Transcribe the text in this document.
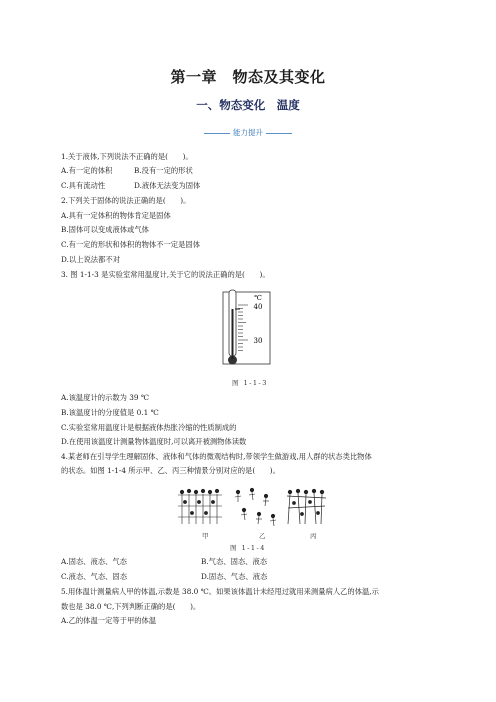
第一章　物态及其变化
一、物态变化　温度
能力提升
1.关于液体,下列说法不正确的是(　　)。
A.有一定的体积	B.没有一定的形状
C.具有流动性	D.液体无法变为固体
2.下列关于固体的说法正确的是(　　)。
A.具有一定体积的物体肯定是固体
B.固体可以变成液体或气体
C.有一定的形状和体积的物体不一定是固体
D.以上说法都不对
3. 图 1-1-3 是实验室常用温度计,关于它的说法正确的是(　　)。
℃
40
30
图 1-1-3
A.该温度计的示数为 39 ℃
B.该温度计的分度值是 0.1 ℃
C.实验室常用温度计是根据液体热胀冷缩的性质制成的
D.在使用该温度计测量物体温度时,可以离开被测物体读数
4.某老师在引导学生理解固体、液体和气体的微观结构时,带领学生做游戏,用人群的状态类比物体
的状态。如图 1-1-4 所示甲、乙、丙三种情景分别对应的是(　　)。
甲	乙	丙
图 1-1-4
A.固态、液态、气态	B.气态、固态、液态
C.液态、气态、固态	D.固态、气态、液态
5.用体温计测量病人甲的体温,示数是 38.0 ℃。如果该体温计未经甩过就用来测量病人乙的体温,示
数也是 38.0 ℃,下列判断正确的是(　　)。
A.乙的体温一定等于甲的体温
